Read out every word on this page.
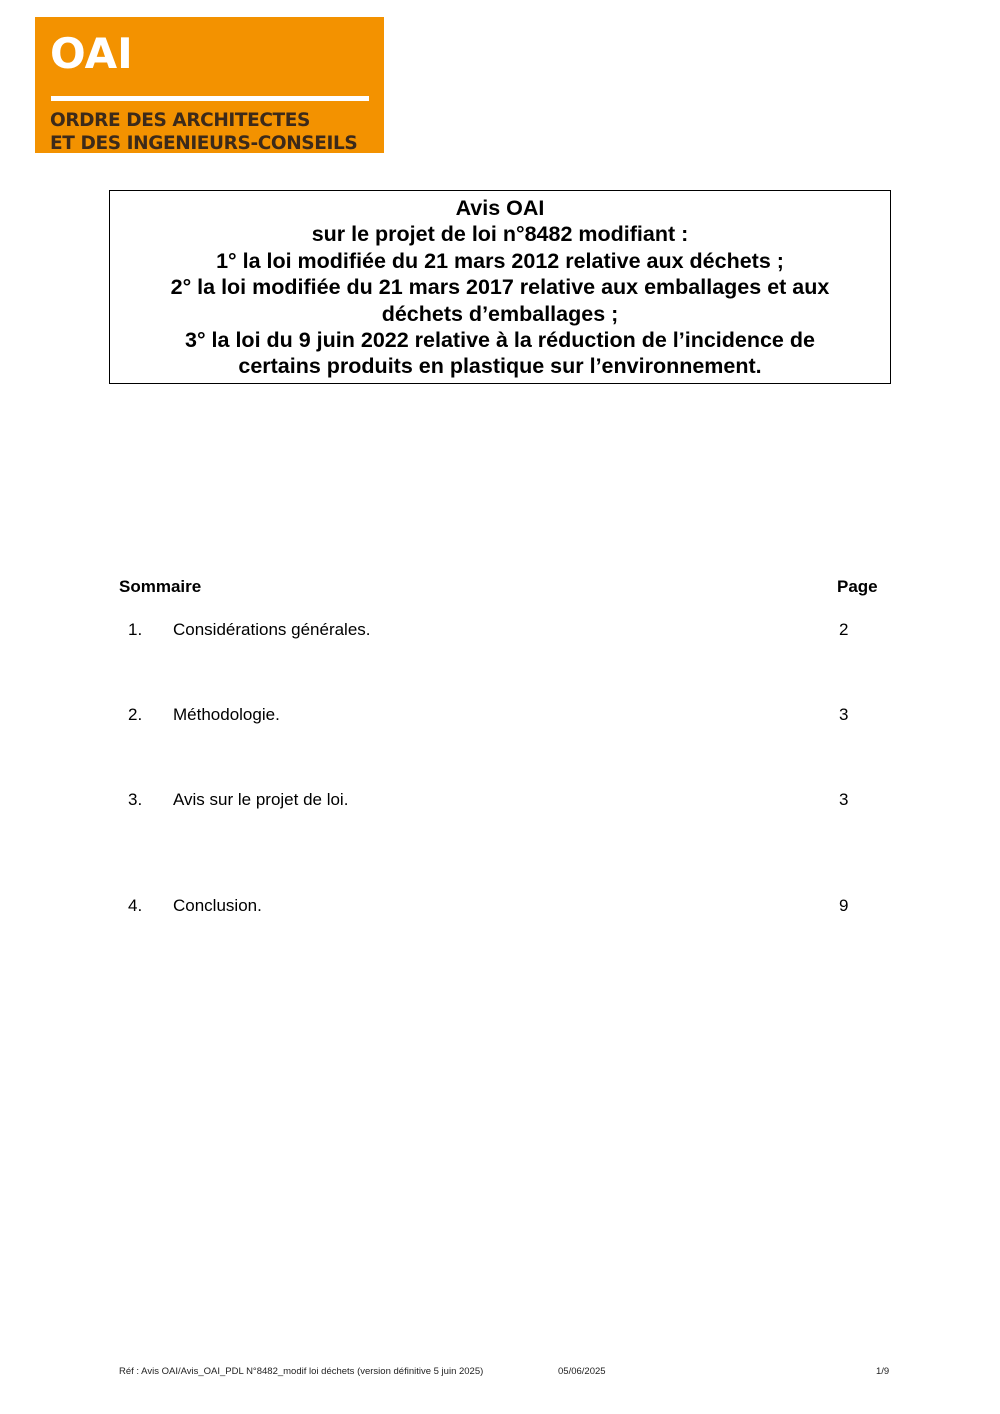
OAI
ORDRE DES ARCHITECTES
ET DES INGENIEURS-CONSEILS
Avis OAI
sur le projet de loi n°8482 modifiant :
1° la loi modifiée du 21 mars 2012 relative aux déchets ;
2° la loi modifiée du 21 mars 2017 relative aux emballages et aux
déchets d’emballages ;
3° la loi du 9 juin 2022 relative à la réduction de l’incidence de
certains produits en plastique sur l’environnement.
Sommaire	Page
1. Considérations générales.	2
2. Méthodologie.	3
3. Avis sur le projet de loi.	3
4. Conclusion.	9
Réf : Avis OAI/Avis_OAI_PDL N°8482_modif loi déchets (version définitive 5 juin 2025)	05/06/2025	1/9
